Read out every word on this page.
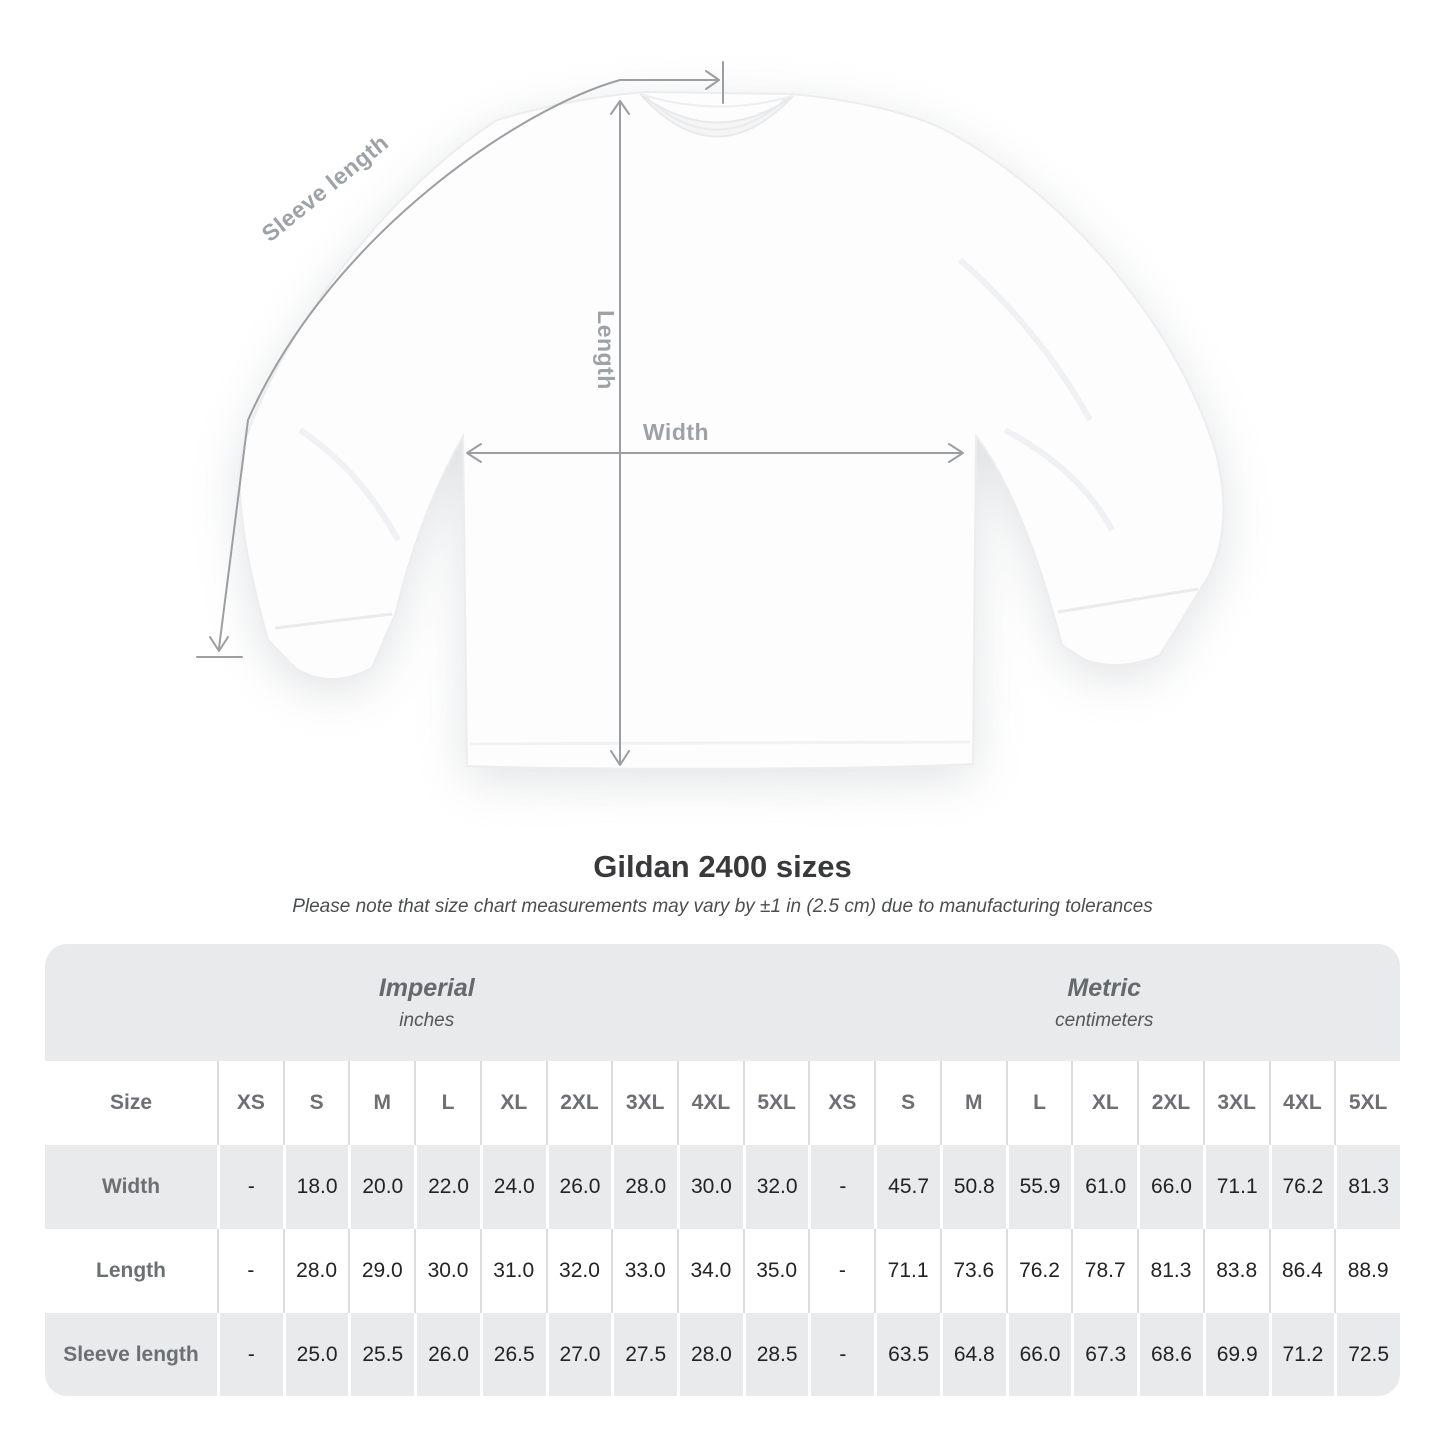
Sleeve length
Length
Width
Gildan 2400 sizes
Please note that size chart measurements may vary by ±1 in (2.5 cm) due to manufacturing tolerances
Imperial
inches
Metric
centimeters
Size	XS	S	M	L	XL	2XL	3XL	4XL	5XL	XS	S	M	L	XL	2XL	3XL	4XL	5XL
Width	-	18.0	20.0	22.0	24.0	26.0	28.0	30.0	32.0	-	45.7	50.8	55.9	61.0	66.0	71.1	76.2	81.3
Length	-	28.0	29.0	30.0	31.0	32.0	33.0	34.0	35.0	-	71.1	73.6	76.2	78.7	81.3	83.8	86.4	88.9
Sleeve length	-	25.0	25.5	26.0	26.5	27.0	27.5	28.0	28.5	-	63.5	64.8	66.0	67.3	68.6	69.9	71.2	72.5
